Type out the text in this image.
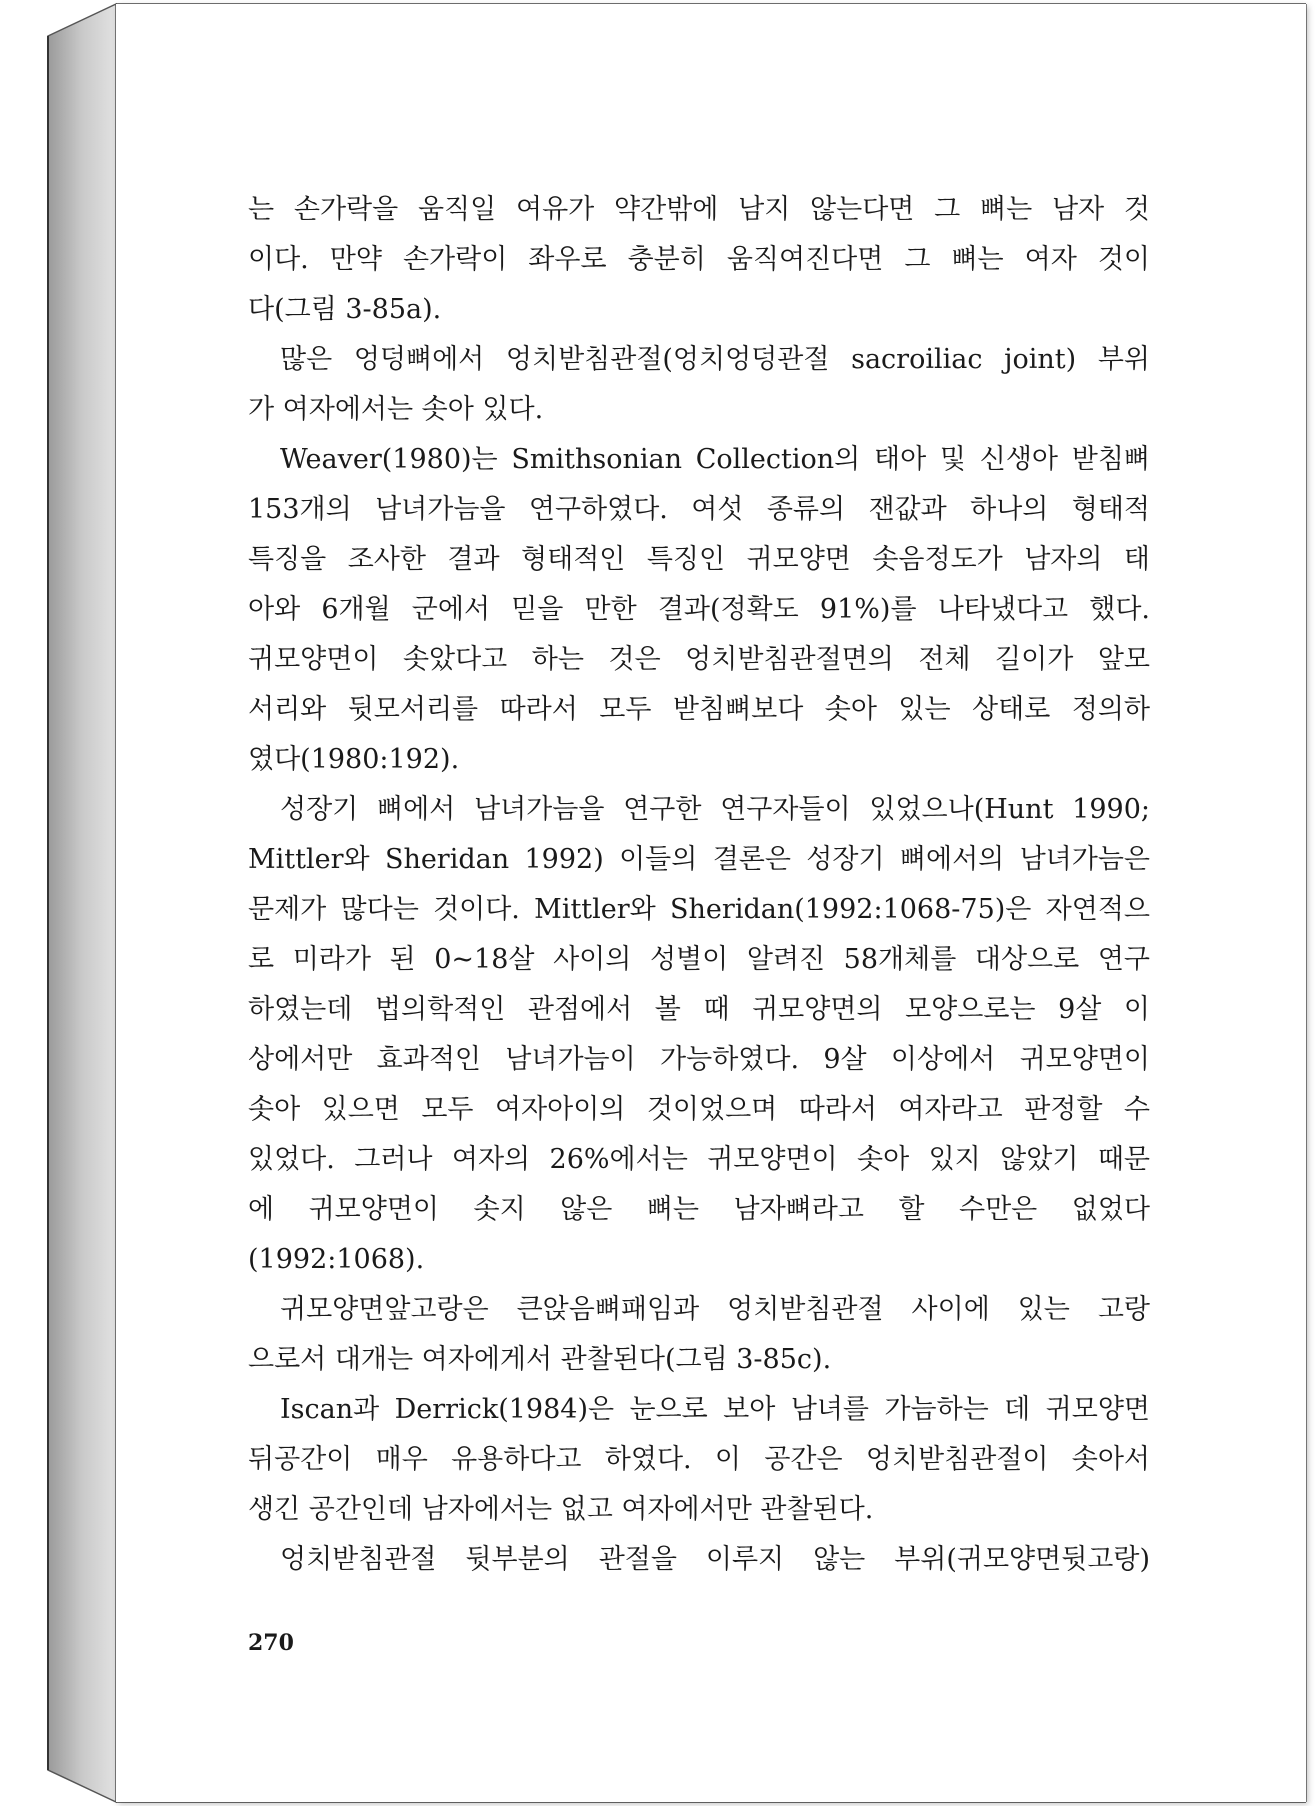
는 손가락을 움직일 여유가 약간밖에 남지 않는다면 그 뼈는 남자 것
이다. 만약 손가락이 좌우로 충분히 움직여진다면 그 뼈는 여자 것이
다(그림 3-85a).
많은 엉덩뼈에서 엉치받침관절(엉치엉덩관절 sacroiliac joint) 부위
가 여자에서는 솟아 있다.
Weaver(1980)는 Smithsonian Collection의 태아 및 신생아 받침뼈
153개의 남녀가늠을 연구하였다. 여섯 종류의 잰값과 하나의 형태적
특징을 조사한 결과 형태적인 특징인 귀모양면 솟음정도가 남자의 태
아와 6개월 군에서 믿을 만한 결과(정확도 91%)를 나타냈다고 했다.
귀모양면이 솟았다고 하는 것은 엉치받침관절면의 전체 길이가 앞모
서리와 뒷모서리를 따라서 모두 받침뼈보다 솟아 있는 상태로 정의하
였다(1980:192).
성장기 뼈에서 남녀가늠을 연구한 연구자들이 있었으나(Hunt 1990;
Mittler와 Sheridan 1992) 이들의 결론은 성장기 뼈에서의 남녀가늠은
문제가 많다는 것이다. Mittler와 Sheridan(1992:1068-75)은 자연적으
로 미라가 된 0~18살 사이의 성별이 알려진 58개체를 대상으로 연구
하였는데 법의학적인 관점에서 볼 때 귀모양면의 모양으로는 9살 이
상에서만 효과적인 남녀가늠이 가능하였다. 9살 이상에서 귀모양면이
솟아 있으면 모두 여자아이의 것이었으며 따라서 여자라고 판정할 수
있었다. 그러나 여자의 26%에서는 귀모양면이 솟아 있지 않았기 때문
에 귀모양면이 솟지 않은 뼈는 남자뼈라고 할 수만은 없었다
(1992:1068).
귀모양면앞고랑은 큰앉음뼈패임과 엉치받침관절 사이에 있는 고랑
으로서 대개는 여자에게서 관찰된다(그림 3-85c).
Iscan과 Derrick(1984)은 눈으로 보아 남녀를 가늠하는 데 귀모양면
뒤공간이 매우 유용하다고 하였다. 이 공간은 엉치받침관절이 솟아서
생긴 공간인데 남자에서는 없고 여자에서만 관찰된다.
엉치받침관절 뒷부분의 관절을 이루지 않는 부위(귀모양면뒷고랑)
270
